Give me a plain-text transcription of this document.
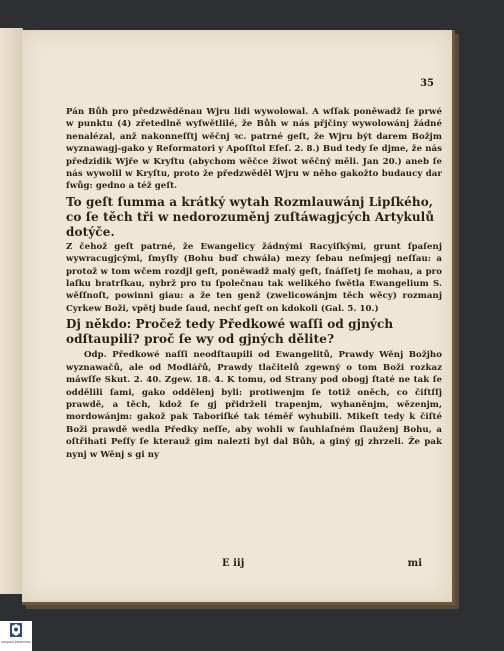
35

Pán Bůh pro předzwěděnau Wjru lidi wywolowal. A wſſak poněwadž ſe prwé w punktu (4) zřetedlně wyſwětlilé, že Bůh w nás přjčiny wywolowánj žádné nenalézal, anž nakonneſſtj wěčnj ꝛc. patrné geſt, že Wjru být darem Božjm wyznawagj-gako y Reformatori y Apoſſtol Efeſ. 2. 8.) Bud tedy ſe djme, že nás předzidik Wjře w Kryſtu (abychom wěčce žiwot wěčný měli. Jan 20.) aneb ſe nás wywolil w Kryſtu, proto že předzwěděl Wjru w něho gakožto budaucy dar ſwůg: gedno a též geſt.

To geſt ſumma a krátký wytah Rozmlauwánj Lipſkého, co ſe těch tři w nedorozuměnj zuſtáwagjcých Artykulů dotýče.

Z čehož geſt patrné, že Ewangelicy žádnými Racyiſkými, grunt ſpaſenj wywracugjcými, ſmyſly (Bohu buď chwála) mezy ſebau neſmjegj neſſau: a protož w tom wčem rozdjl geſt, poněwadž malý geſt, ſnáſſetj ſe mohau, a pro laſku bratrſkau, nybrž pro tu ſpolečnau tak welikého ſwětla Ewangelium S. wěſſnoſt, powinni giau: a že ten genž (zwelicowánjm těch wěcy) rozmanj Cyrkew Boži, vpětj bude ſaud, nechť geſt on kdokoli (Gal. 5. 10.)

Dj někdo: Pročež tedy Předkowé waſſi od gjných odſtaupili? proč ſe wy od gjných dělite?

Odp. Předkowé naſſi neodſtaupili od Ewangelitů, Prawdy Wěnj Božjho wyznawačů, ale od Modlářů, Prawdy tlačitelů zgewný o tom Boži rozkaz máwſſe Skut. 2. 40. Zgew. 18. 4. K tomu, od Strany pod obogj ſtaté ne tak ſe oddělili ſami, gako oddělenj byli: protiwenjm ſe totiž oněch, co čiſtſſj prawdě, a těch, kdož ſe gj přidrželi trapenjm, wyhaněnjm, wězenjm, mordowánjm: gakož pak Taboriſké tak téměř wyhubili. Mikeſt tedy k čiſté Boži prawdě wedla Předky neſſe, aby wohli w ſauhlaſném ſlauženj Bohu, a oſtřihati Peſſy ſe kterauž gim nalezti byl dal Bůh, a giný gj zhrzeli. Že pak nynj w Wěnj s gi ny

E iij	mi
KRAJSKÁ KNIHOVNA
